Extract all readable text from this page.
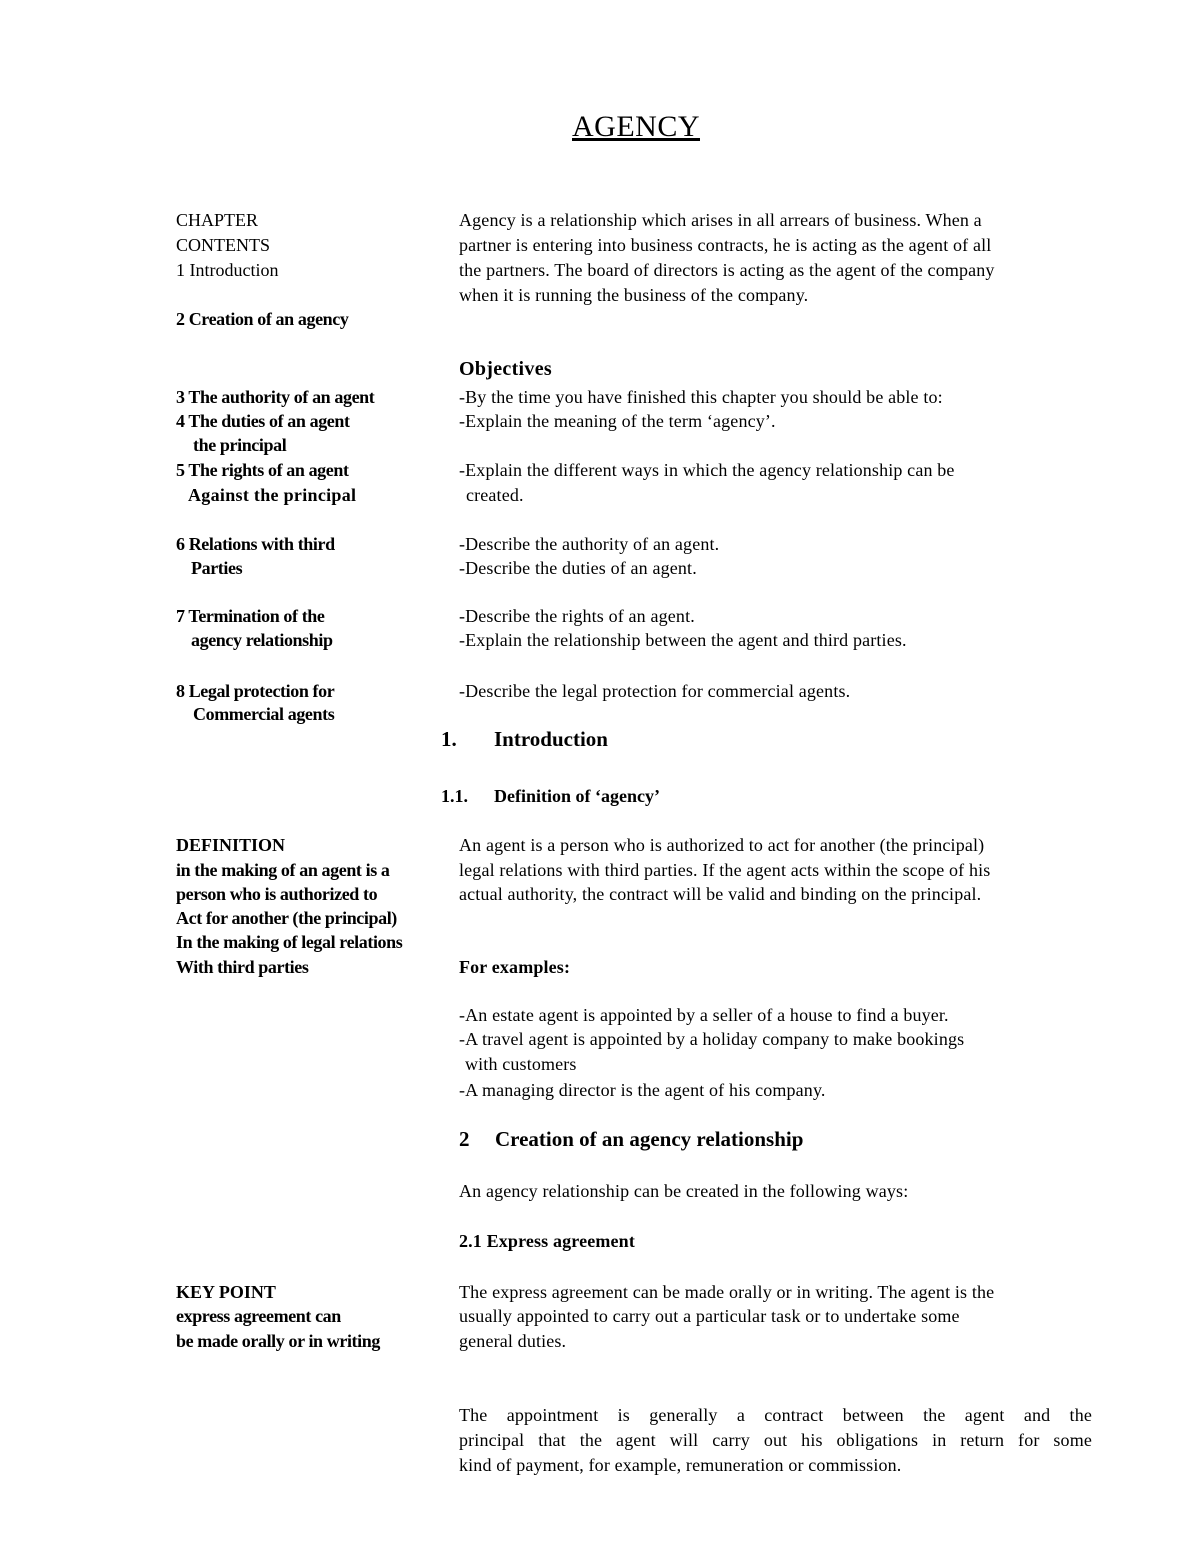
AGENCY
CHAPTER
CONTENTS
1 Introduction
2 Creation of an agency
3 The authority of an agent
4 The duties of an agent
the principal
5 The rights of an agent
Against the principal
6 Relations with third
Parties
7 Termination of the
agency relationship
8 Legal protection for
Commercial agents
DEFINITION
in the making of an agent is a
person who is authorized to
Act for another (the principal)
In the making of legal relations
With third parties
KEY POINT
express agreement can
be made orally or in writing
Agency is a relationship which arises in all arrears of business. When a
partner is entering into business contracts, he is acting as the agent of all
the partners. The board of directors is acting as the agent of the company
when it is running the business of the company.
Objectives
-By the time you have finished this chapter you should be able to:
-Explain the meaning of the term ‘agency’.
-Explain the different ways in which the agency relationship can be
created.
-Describe the authority of an agent.
-Describe the duties of an agent.
-Describe the rights of an agent.
-Explain the relationship between the agent and third parties.
-Describe the legal protection for commercial agents.
1. Introduction
1.1. Definition of ‘agency’
An agent is a person who is authorized to act for another (the principal)
legal relations with third parties. If the agent acts within the scope of his
actual authority, the contract will be valid and binding on the principal.
For examples:
-An estate agent is appointed by a seller of a house to find a buyer.
-A travel agent is appointed by a holiday company to make bookings
with customers
-A managing director is the agent of his company.
2 Creation of an agency relationship
An agency relationship can be created in the following ways:
2.1 Express agreement
The express agreement can be made orally or in writing. The agent is the
usually appointed to carry out a particular task or to undertake some
general duties.
The appointment is generally a contract between the agent and the
principal that the agent will carry out his obligations in return for some
kind of payment, for example, remuneration or commission.
